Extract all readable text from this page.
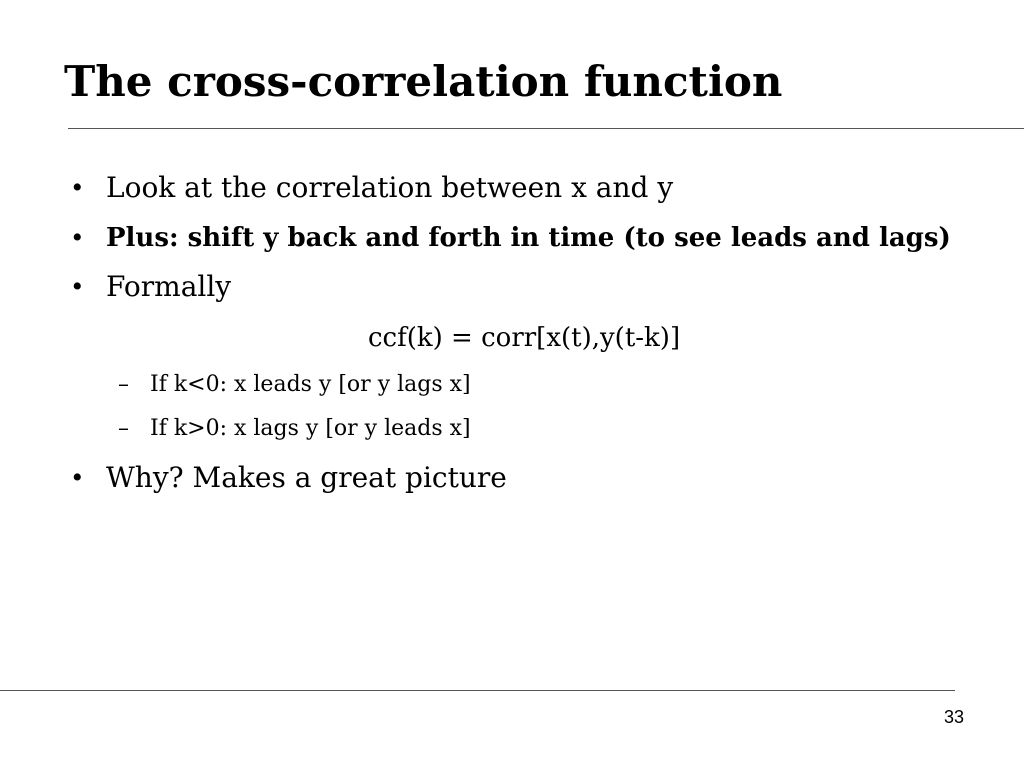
The cross-correlation function
• Look at the correlation between x and y
• Plus: shift y back and forth in time (to see leads and lags)
• Formally
ccf(k) = corr[x(t),y(t-k)]
– If k<0: x leads y [or y lags x]
– If k>0: x lags y [or y leads x]
• Why? Makes a great picture
33
